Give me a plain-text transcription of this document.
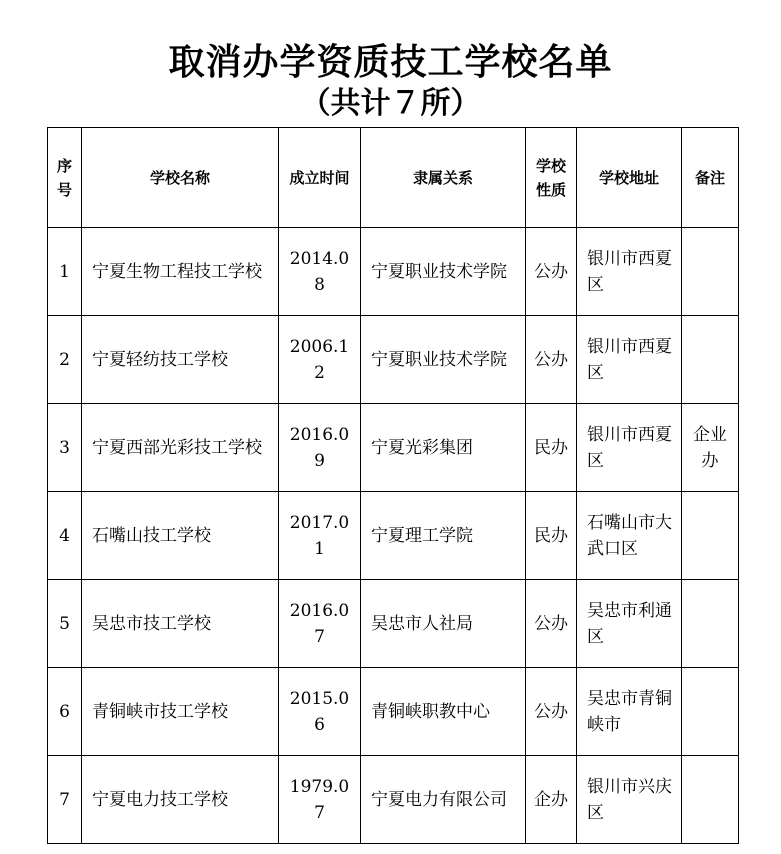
取消办学资质技工学校名单
（共计７所）
序号	学校名称	成立时间	隶属关系	学校性质	学校地址	备注
1	宁夏生物工程技工学校	2014.08	宁夏职业技术学院	公办	银川市西夏区	
2	宁夏轻纺技工学校	2006.12	宁夏职业技术学院	公办	银川市西夏区	
3	宁夏西部光彩技工学校	2016.09	宁夏光彩集团	民办	银川市西夏区	企业办
4	石嘴山技工学校	2017.01	宁夏理工学院	民办	石嘴山市大武口区	
5	吴忠市技工学校	2016.07	吴忠市人社局	公办	吴忠市利通区	
6	青铜峡市技工学校	2015.06	青铜峡职教中心	公办	吴忠市青铜峡市	
7	宁夏电力技工学校	1979.07	宁夏电力有限公司	企办	银川市兴庆区	
